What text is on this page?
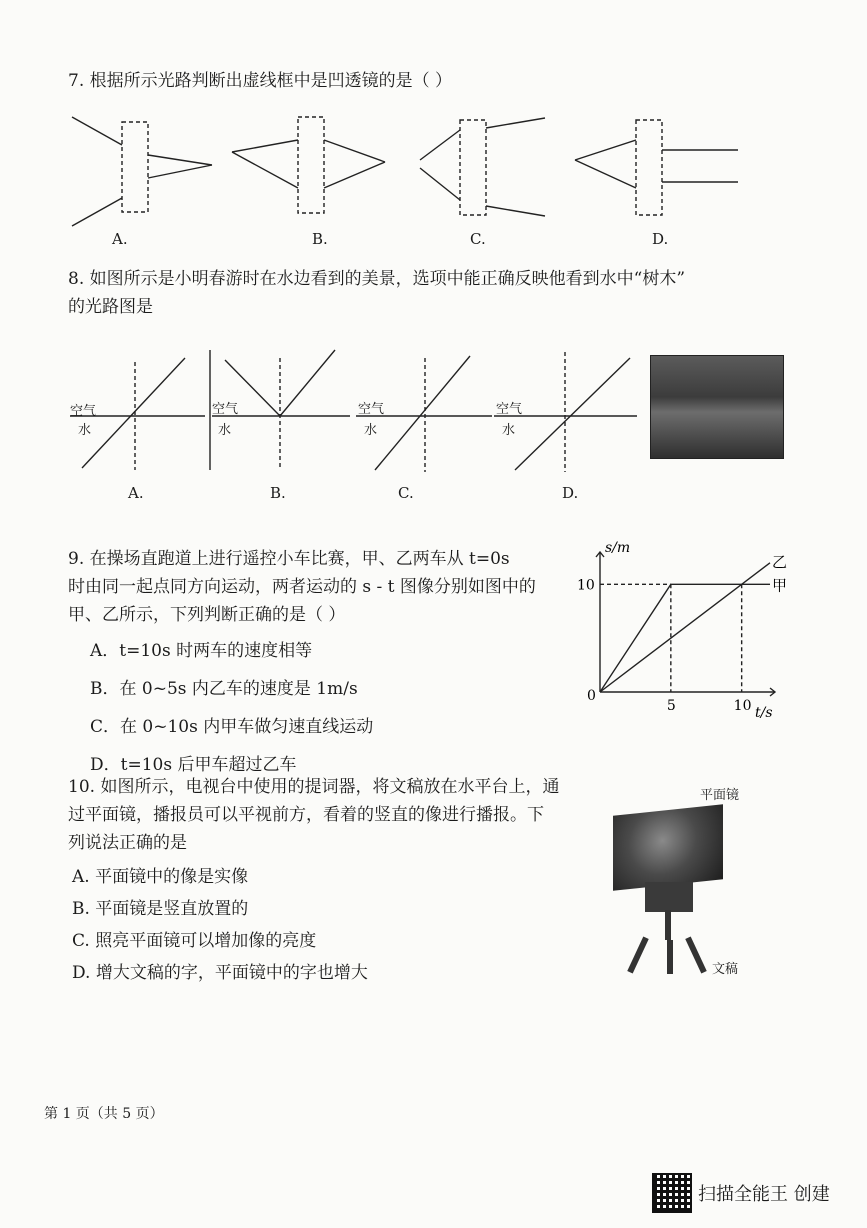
7. 根据所示光路判断出虚线框中是凹透镜的是（ ）
A.	B.	C.	D.
8. 如图所示是小明春游时在水边看到的美景，选项中能正确反映他看到水中“树木”
的光路图是
空气
水
空气
水
空气
水
空气
水
A.	B.	C.	D.
9. 在操场直跑道上进行遥控小车比赛，甲、乙两车从 t=0s
时由同一起点同方向运动，两者运动的 s - t 图像分别如图中的
甲、乙所示，下列判断正确的是（ ）
A．t=10s 时两车的速度相等
B．在 0~5s 内乙车的速度是 1m/s
C．在 0~10s 内甲车做匀速直线运动
D．t=10s 后甲车超过乙车
s/m
t/s
0
10
5	10
乙
甲
10. 如图所示，电视台中使用的提词器，将文稿放在水平台上，通
过平面镜，播报员可以平视前方，看着的竖直的像进行播报。下
列说法正确的是
A. 平面镜中的像是实像
B. 平面镜是竖直放置的
C. 照亮平面镜可以增加像的亮度
D. 增大文稿的字，平面镜中的字也增大
平面镜
文稿
第 1 页（共 5 页）
扫描全能王 创建
